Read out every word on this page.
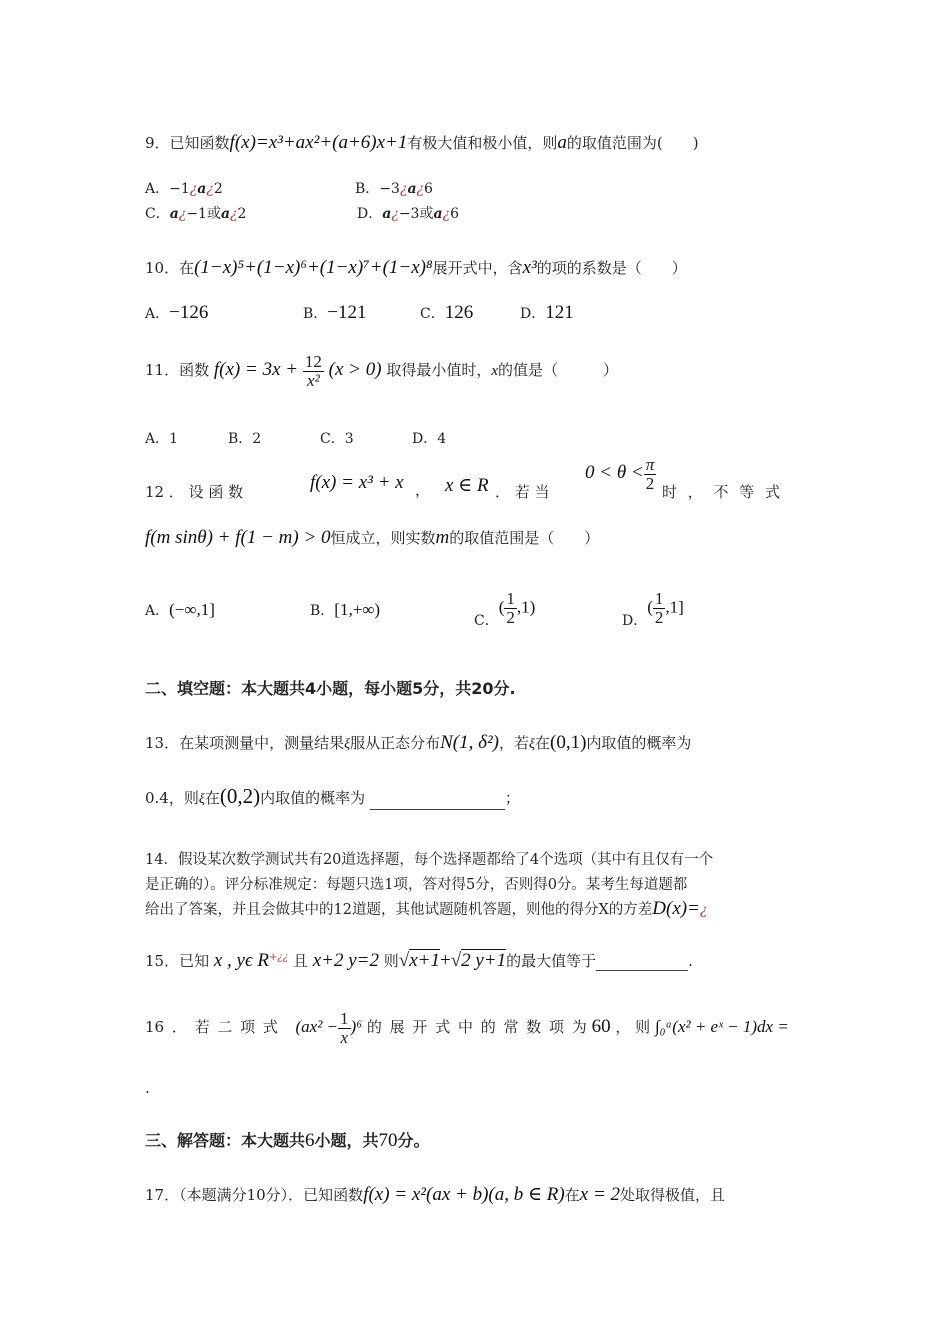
9．已知函数f(x)=x³+ax²+(a+6)x+1有极大值和极小值，则a的取值范围为(　　)
A．−1¿a¿2	B．−3¿a¿6
C．a¿−1或a¿2	D．a¿−3或a¿6
10．在(1−x)⁵+(1−x)⁶+(1−x)⁷+(1−x)⁸展开式中，含x³的项的系数是（　　）
A．−126	B．−121	C．126	D．121
11．函数 $f(x) = 3x + \frac{12}{\text{x²}} (x > 0)$ 取得最小值时，x的值是（　　　）
A．1	B．2	C．3	D．4
12 ． 设 函 数	f(x) = x³ + x ， x ∈ R ． 若 当
$0 < \theta < \frac{\pi}{2}$ 时 ， 不 等 式
f(m sinθ) + f(1 − m) > 0恒成立，则实数m的取值范围是（　　）
A．(−∞,1]	B．[1,+∞)
C．( $\frac{1}{2} ,1$)
D．( $\frac{1}{2} ,1$]
二、填空题：本大题共4小题，每小题5分，共20分.
13．在某项测量中，测量结果ξ服从正态分布N(1, δ²)，若ξ在(0,1)内取值的概率为
0.4，则ξ在(0,2)内取值的概率为	；
14．假设某次数学测试共有20道选择题，每个选择题都给了4个选项（其中有且仅有一个
是正确的）。评分标准规定：每题只选1项，答对得5分，否则得0分。某考生每道题都
给出了答案，并且会做其中的12道题，其他试题随机答题，则他的得分X的方差D(x)=¿
15．已知 x , yϵ R+¿¿ 且 x+2 y=2 则√x+1+√2 y+1的最大值等于	.
16 ． 若 二 项 式 $(ax^2 - \frac{1}{x} )^6$ 的 展 开 式 中 的 常 数 项 为 60 ， 则 ∫₀ᵃ(x² + eˣ − 1)dx =
.
三、解答题：本大题共6小题，共70分。
17．（本题满分10分）．已知函数f(x) = x²(ax + b)(a, b ∈ R)在x = 2处取得极值，且
